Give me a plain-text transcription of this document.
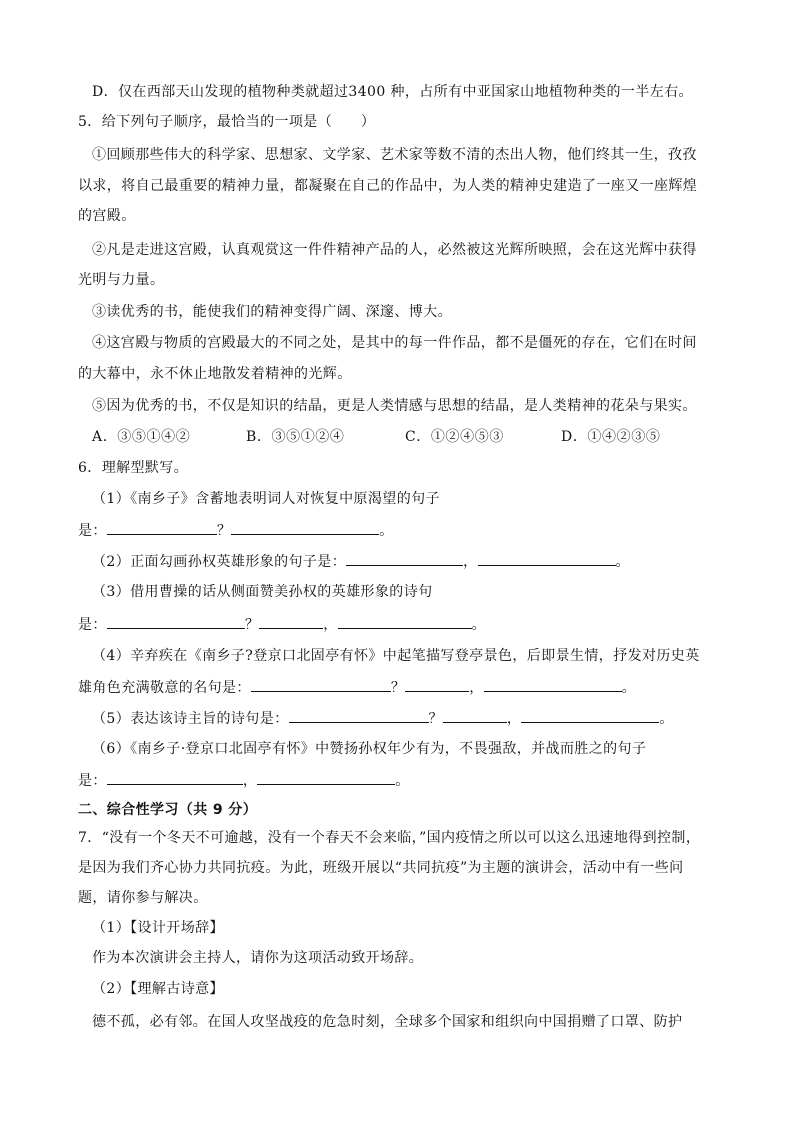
D．仅在西部天山发现的植物种类就超过3400 种，占所有中亚国家山地植物种类的一半左右。
5．给下列句子顺序，最恰当的一项是（　　）
①回顾那些伟大的科学家、思想家、文学家、艺术家等数不清的杰出人物，他们终其一生，孜孜
以求，将自己最重要的精神力量，都凝聚在自己的作品中，为人类的精神史建造了一座又一座辉煌
的宫殿。
②凡是走进这宫殿，认真观赏这一件件精神产品的人，必然被这光辉所映照，会在这光辉中获得
光明与力量。
③读优秀的书，能使我们的精神变得广阔、深邃、博大。
④这宫殿与物质的宫殿最大的不同之处，是其中的每一件作品，都不是僵死的存在，它们在时间
的大幕中，永不休止地散发着精神的光辉。
⑤因为优秀的书，不仅是知识的结晶，更是人类情感与思想的结晶，是人类精神的花朵与果实。
A．③⑤①④②	B．③⑤①②④	C．①②④⑤③	D．①④②③⑤
6．理解型默写。
（1）《南乡子》含蓄地表明词人对恢复中原渴望的句子
是：	？	。
（2）正面勾画孙权英雄形象的句子是：	，	。
（3）借用曹操的话从侧面赞美孙权的英雄形象的诗句
是：	？	，	。
（4）辛弃疾在《南乡子?登京口北固亭有怀》中起笔描写登亭景色，后即景生情，抒发对历史英
雄角色充满敬意的名句是：	？	，	。
（5）表达该诗主旨的诗句是：	？	，	。
（6）《南乡子·登京口北固亭有怀》中赞扬孙权年少有为，不畏强敌，并战而胜之的句子
是：	，	。
二、综合性学习（共 9 分）
7．“没有一个冬天不可逾越，没有一个春天不会来临，”国内疫情之所以可以这么迅速地得到控制，
是因为我们齐心协力共同抗疫。为此，班级开展以“共同抗疫”为主题的演讲会，活动中有一些问
题，请你参与解决。
（1）【设计开场辞】
作为本次演讲会主持人，请你为这项活动致开场辞。
（2）【理解古诗意】
德不孤，必有邻。在国人攻坚战疫的危急时刻，全球多个国家和组织向中国捐赠了口罩、防护
